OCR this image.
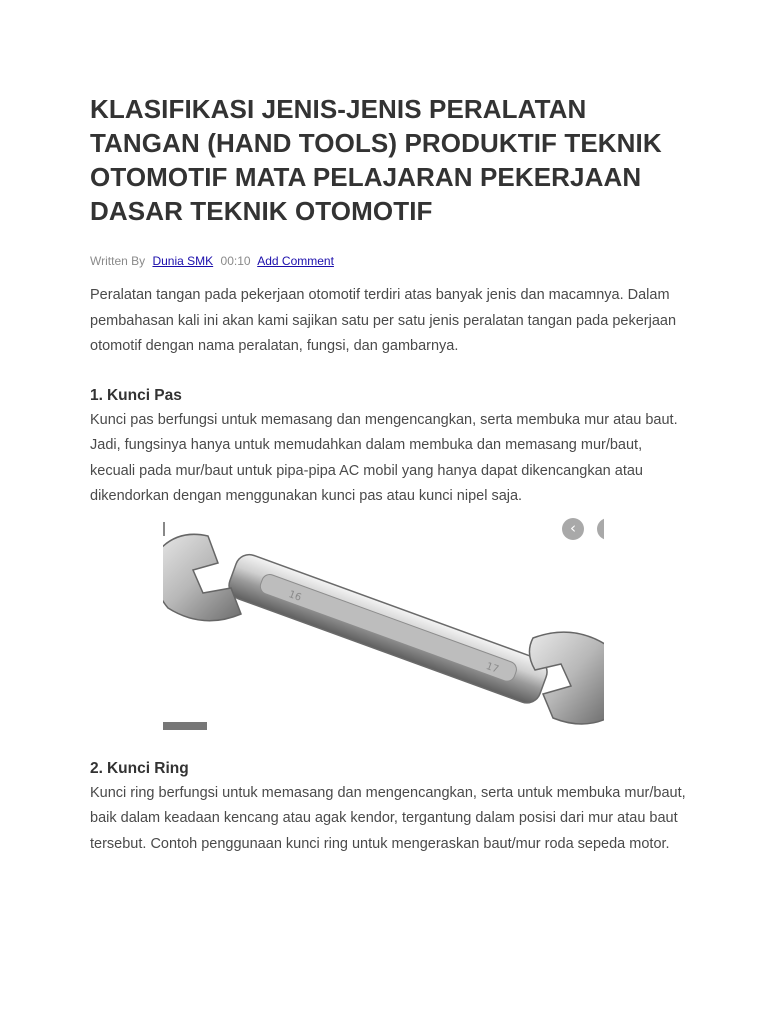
KLASIFIKASI JENIS-JENIS PERALATAN TANGAN (HAND TOOLS) PRODUKTIF TEKNIK OTOMOTIF MATA PELAJARAN PEKERJAAN DASAR TEKNIK OTOMOTIF
Written By Dunia SMK 00:10 Add Comment
Peralatan tangan pada pekerjaan otomotif terdiri atas banyak jenis dan macamnya. Dalam pembahasan kali ini akan kami sajikan satu per satu jenis peralatan tangan pada pekerjaan otomotif dengan nama peralatan, fungsi, dan gambarnya.
1. Kunci Pas
Kunci pas berfungsi untuk memasang dan mengencangkan, serta membuka mur atau baut. Jadi, fungsinya hanya untuk memudahkan dalam membuka dan memasang mur/baut, kecuali pada mur/baut untuk pipa-pipa AC mobil yang hanya dapat dikencangkan atau dikendorkan dengan menggunakan kunci pas atau kunci nipel saja.
2. Kunci Ring
Kunci ring berfungsi untuk memasang dan mengencangkan, serta untuk membuka mur/baut, baik dalam keadaan kencang atau agak kendor, tergantung dalam posisi dari mur atau baut tersebut. Contoh penggunaan kunci ring untuk mengeraskan baut/mur roda sepeda motor.
16
17
‹
